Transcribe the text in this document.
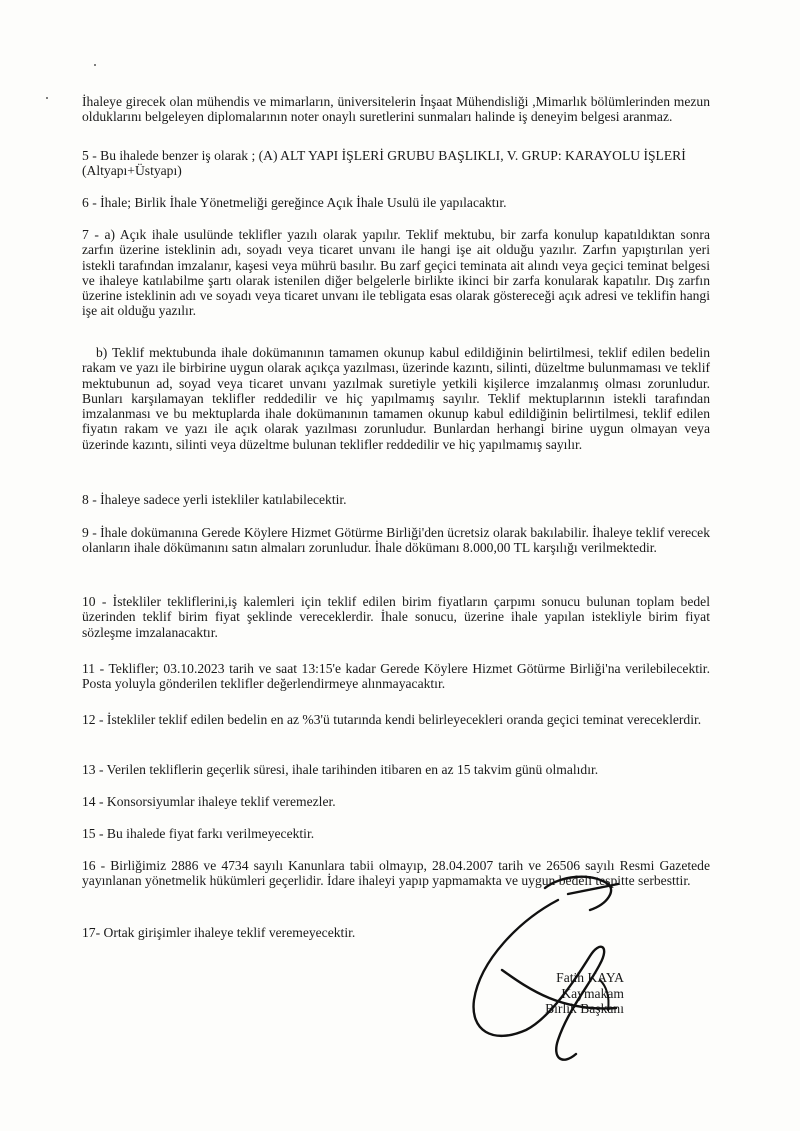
İhaleye girecek olan mühendis ve mimarların, üniversitelerin İnşaat Mühendisliği ,Mimarlık bölümlerinden mezun olduklarını belgeleyen diplomalarının noter onaylı suretlerini sunmaları halinde iş deneyim belgesi aranmaz.

5 - Bu ihalede benzer iş olarak ; (A) ALT YAPI İŞLERİ GRUBU BAŞLIKLI, V. GRUP: KARAYOLU İŞLERİ (Altyapı+Üstyapı)

6 - İhale; Birlik İhale Yönetmeliği gereğince Açık İhale Usulü ile yapılacaktır.

7 - a) Açık ihale usulünde teklifler yazılı olarak yapılır. Teklif mektubu, bir zarfa konulup kapatıldıktan sonra zarfın üzerine isteklinin adı, soyadı veya ticaret unvanı ile hangi işe ait olduğu yazılır. Zarfın yapıştırılan yeri istekli tarafından imzalanır, kaşesi veya mührü basılır. Bu zarf geçici teminata ait alındı veya geçici teminat belgesi ve ihaleye katılabilme şartı olarak istenilen diğer belgelerle birlikte ikinci bir zarfa konularak kapatılır. Dış zarfın üzerine isteklinin adı ve soyadı veya ticaret unvanı ile tebligata esas olarak göstereceği açık adresi ve teklifin hangi işe ait olduğu yazılır.

b) Teklif mektubunda ihale dokümanının tamamen okunup kabul edildiğinin belirtilmesi, teklif edilen bedelin rakam ve yazı ile birbirine uygun olarak açıkça yazılması, üzerinde kazıntı, silinti, düzeltme bulunmaması ve teklif mektubunun ad, soyad veya ticaret unvanı yazılmak suretiyle yetkili kişilerce imzalanmış olması zorunludur. Bunları karşılamayan teklifler reddedilir ve hiç yapılmamış sayılır. Teklif mektuplarının istekli tarafından imzalanması ve bu mektuplarda ihale dokümanının tamamen okunup kabul edildiğinin belirtilmesi, teklif edilen fiyatın rakam ve yazı ile açık olarak yazılması zorunludur. Bunlardan herhangi birine uygun olmayan veya üzerinde kazıntı, silinti veya düzeltme bulunan teklifler reddedilir ve hiç yapılmamış sayılır.

8 - İhaleye sadece yerli istekliler katılabilecektir.

9 - İhale dokümanına Gerede Köylere Hizmet Götürme Birliği'den ücretsiz olarak bakılabilir. İhaleye teklif verecek olanların ihale dökümanını satın almaları zorunludur. İhale dökümanı 8.000,00 TL karşılığı verilmektedir.

10 - İstekliler tekliflerini,iş kalemleri için teklif edilen birim fiyatların çarpımı sonucu bulunan toplam bedel üzerinden teklif birim fiyat şeklinde vereceklerdir. İhale sonucu, üzerine ihale yapılan istekliyle birim fiyat sözleşme imzalanacaktır.

11 - Teklifler; 03.10.2023 tarih ve saat 13:15'e kadar Gerede Köylere Hizmet Götürme Birliği'na verilebilecektir. Posta yoluyla gönderilen teklifler değerlendirmeye alınmayacaktır.

12 - İstekliler teklif edilen bedelin en az %3'ü tutarında kendi belirleyecekleri oranda geçici teminat vereceklerdir.

13 - Verilen tekliflerin geçerlik süresi, ihale tarihinden itibaren en az 15 takvim günü olmalıdır.

14 - Konsorsiyumlar ihaleye teklif veremezler.

15 - Bu ihalede fiyat farkı verilmeyecektir.

16 - Birliğimiz 2886 ve 4734 sayılı Kanunlara tabii olmayıp, 28.04.2007 tarih ve 26506 sayılı Resmi Gazetede yayınlanan yönetmelik hükümleri geçerlidir. İdare ihaleyi yapıp yapmamakta ve uygun bedeli tespitte serbesttir.

17- Ortak girişimler ihaleye teklif veremeyecektir.

Fatih KAYA
Kaymakam
Birlik Başkanı
